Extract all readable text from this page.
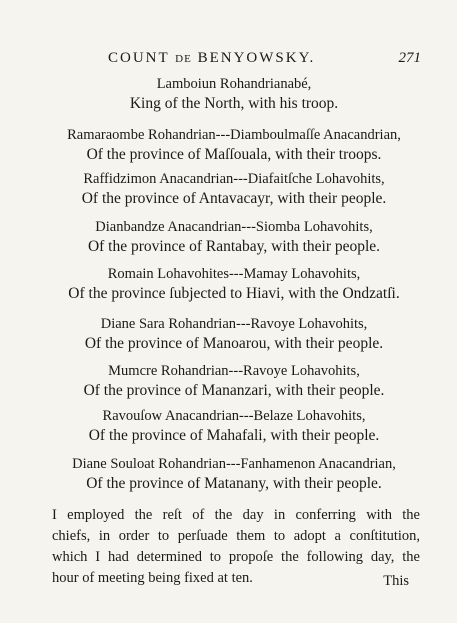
COUNT DE BENYOWSKY.	271
Lamboiun Rohandrianabé,
King of the North, with his troop.
Ramaraombe Rohandrian---Diamboulmaſſe Anacandrian,
Of the province of Maſſouala, with their troops.
Raffidzimon Anacandrian---Diafaitſche Lohavohits,
Of the province of Antavacayr, with their people.
Dianbandze Anacandrian---Siomba Lohavohits,
Of the province of Rantabay, with their people.
Romain Lohavohites---Mamay Lohavohits,
Of the province ſubjected to Hiavi, with the Ondzatſi.
Diane Sara Rohandrian---Ravoye Lohavohits,
Of the province of Manoarou, with their people.
Mumcre Rohandrian---Ravoye Lohavohits,
Of the province of Mananzari, with their people.
Ravouſow Anacandrian---Belaze Lohavohits,
Of the province of Mahafali, with their people.
Diane Souloat Rohandrian---Fanhamenon Anacandrian,
Of the province of Matanany, with their people.
I employed the reſt of the day in conferring with the
chiefs, in order to perſuade them to adopt a conſtitution,
which I had determined to propoſe the following day, the
hour of meeting being fixed at ten.	This
